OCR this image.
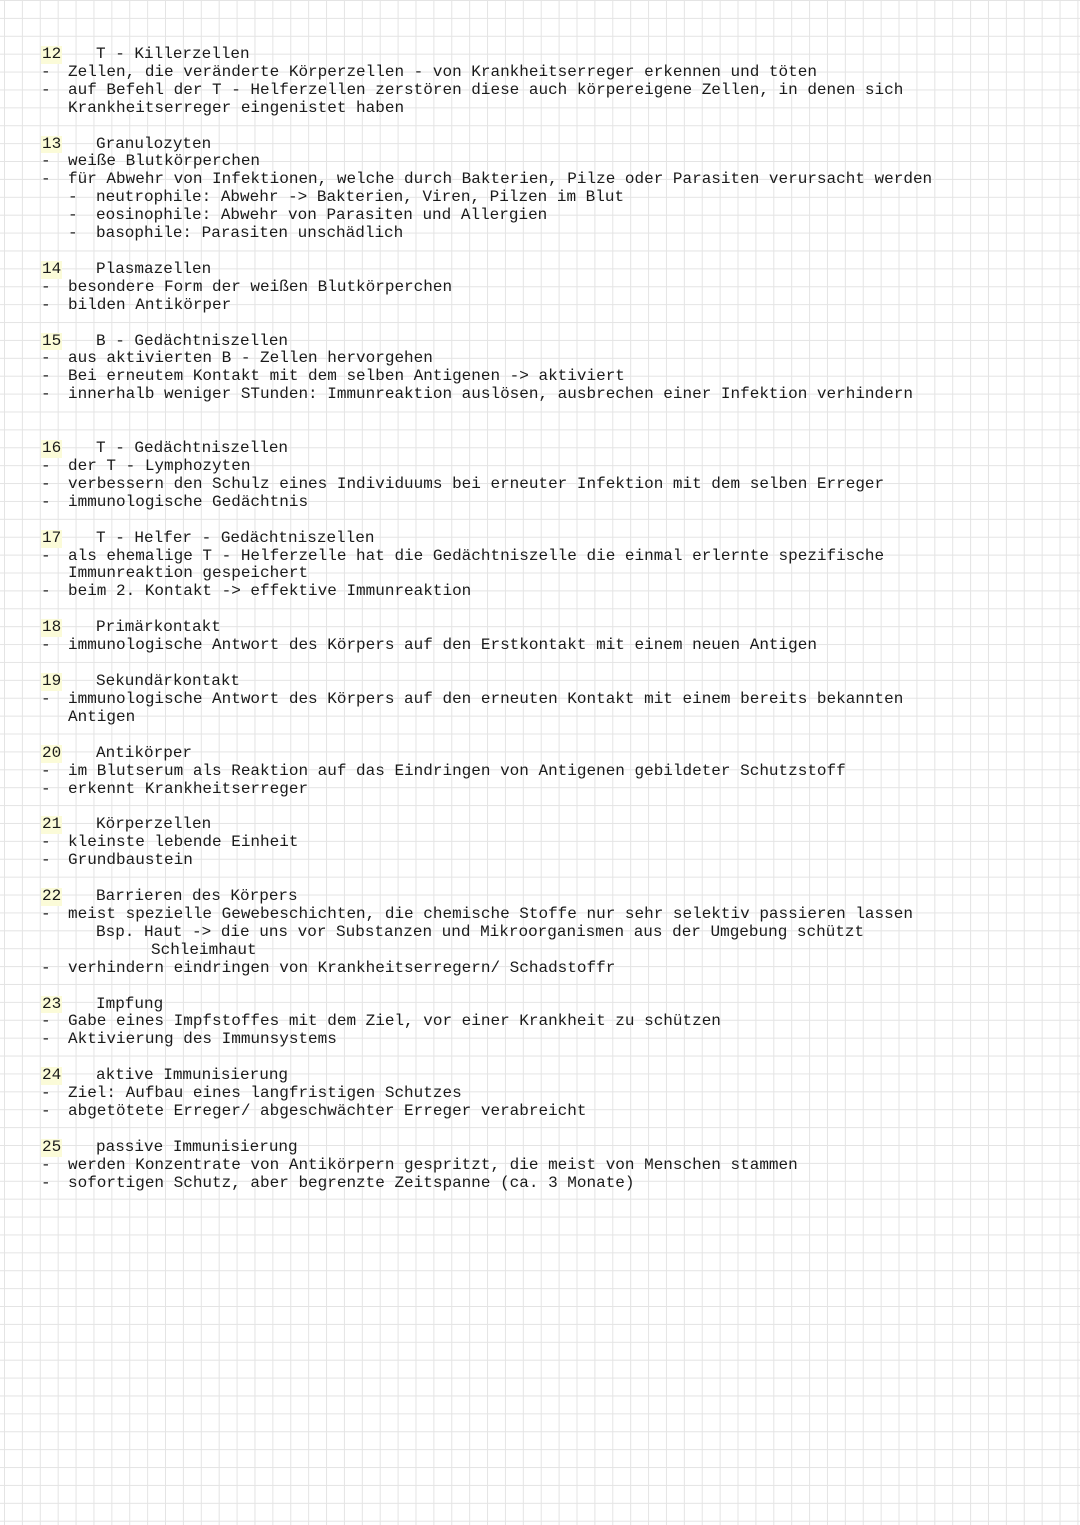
12 T - Killerzellen
- Zellen, die veränderte Körperzellen - von Krankheitserreger erkennen und töten
- auf Befehl der T - Helferzellen zerstören diese auch körpereigene Zellen, in denen sich
Krankheitserreger eingenistet haben
13 Granulozyten
- weiße Blutkörperchen
- für Abwehr von Infektionen, welche durch Bakterien, Pilze oder Parasiten verursacht werden
- neutrophile: Abwehr -> Bakterien, Viren, Pilzen im Blut
- eosinophile: Abwehr von Parasiten und Allergien
- basophile: Parasiten unschädlich
14 Plasmazellen
- besondere Form der weißen Blutkörperchen
- bilden Antikörper
15 B - Gedächtniszellen
- aus aktivierten B - Zellen hervorgehen
- Bei erneutem Kontakt mit dem selben Antigenen -> aktiviert
- innerhalb weniger STunden: Immunreaktion auslösen, ausbrechen einer Infektion verhindern
16 T - Gedächtniszellen
- der T - Lymphozyten
- verbessern den Schulz eines Individuums bei erneuter Infektion mit dem selben Erreger
- immunologische Gedächtnis
17 T - Helfer - Gedächtniszellen
- als ehemalige T - Helferzelle hat die Gedächtniszelle die einmal erlernte spezifische
Immunreaktion gespeichert
- beim 2. Kontakt -> effektive Immunreaktion
18 Primärkontakt
- immunologische Antwort des Körpers auf den Erstkontakt mit einem neuen Antigen
19 Sekundärkontakt
- immunologische Antwort des Körpers auf den erneuten Kontakt mit einem bereits bekannten
Antigen
20 Antikörper
- im Blutserum als Reaktion auf das Eindringen von Antigenen gebildeter Schutzstoff
- erkennt Krankheitserreger
21 Körperzellen
- kleinste lebende Einheit
- Grundbaustein
22 Barrieren des Körpers
- meist spezielle Gewebeschichten, die chemische Stoffe nur sehr selektiv passieren lassen
Bsp. Haut -> die uns vor Substanzen und Mikroorganismen aus der Umgebung schützt
Schleimhaut
- verhindern eindringen von Krankheitserregern/ Schadstoffr
23 Impfung
- Gabe eines Impfstoffes mit dem Ziel, vor einer Krankheit zu schützen
- Aktivierung des Immunsystems
24 aktive Immunisierung
- Ziel: Aufbau eines langfristigen Schutzes
- abgetötete Erreger/ abgeschwächter Erreger verabreicht
25 passive Immunisierung
- werden Konzentrate von Antikörpern gespritzt, die meist von Menschen stammen
- sofortigen Schutz, aber begrenzte Zeitspanne (ca. 3 Monate)
